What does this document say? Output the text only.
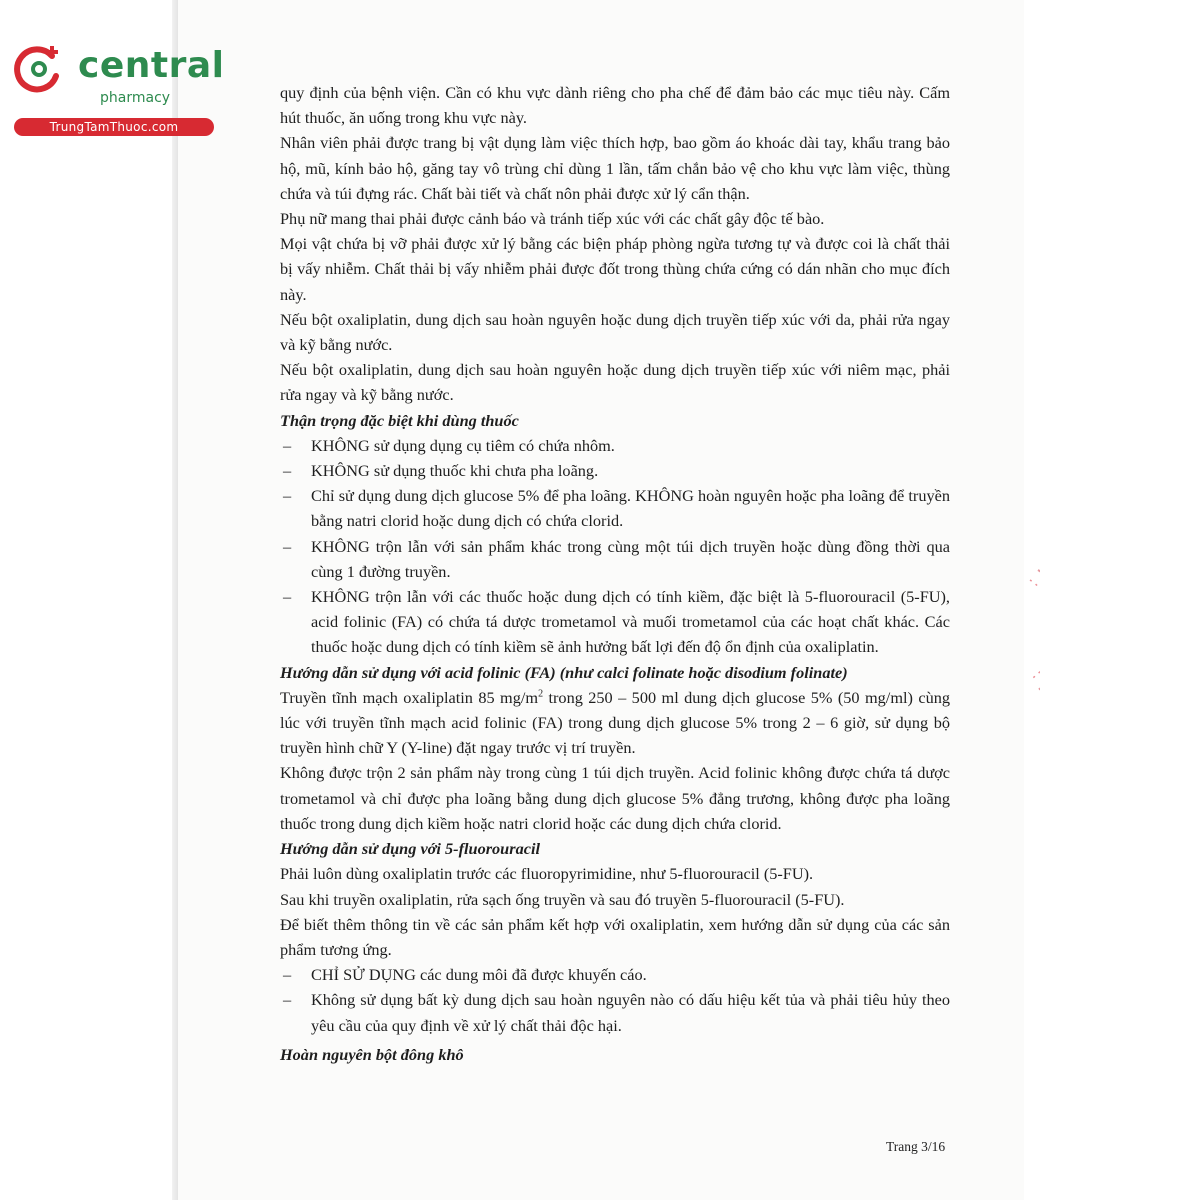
central
pharmacy
TrungTamThuoc.com

quy định của bệnh viện. Cần có khu vực dành riêng cho pha chế để đảm bảo các mục tiêu này. Cấm hút thuốc, ăn uống trong khu vực này.

Nhân viên phải được trang bị vật dụng làm việc thích hợp, bao gồm áo khoác dài tay, khẩu trang bảo hộ, mũ, kính bảo hộ, găng tay vô trùng chỉ dùng 1 lần, tấm chắn bảo vệ cho khu vực làm việc, thùng chứa và túi đựng rác. Chất bài tiết và chất nôn phải được xử lý cẩn thận.

Phụ nữ mang thai phải được cảnh báo và tránh tiếp xúc với các chất gây độc tế bào.

Mọi vật chứa bị vỡ phải được xử lý bằng các biện pháp phòng ngừa tương tự và được coi là chất thải bị vấy nhiễm. Chất thải bị vấy nhiễm phải được đốt trong thùng chứa cứng có dán nhãn cho mục đích này.

Nếu bột oxaliplatin, dung dịch sau hoàn nguyên hoặc dung dịch truyền tiếp xúc với da, phải rửa ngay và kỹ bằng nước.

Nếu bột oxaliplatin, dung dịch sau hoàn nguyên hoặc dung dịch truyền tiếp xúc với niêm mạc, phải rửa ngay và kỹ bằng nước.

Thận trọng đặc biệt khi dùng thuốc

–	KHÔNG sử dụng dụng cụ tiêm có chứa nhôm.
–	KHÔNG sử dụng thuốc khi chưa pha loãng.
–	Chỉ sử dụng dung dịch glucose 5% để pha loãng. KHÔNG hoàn nguyên hoặc pha loãng để truyền bằng natri clorid hoặc dung dịch có chứa clorid.
–	KHÔNG trộn lẫn với sản phẩm khác trong cùng một túi dịch truyền hoặc dùng đồng thời qua cùng 1 đường truyền.
–	KHÔNG trộn lẫn với các thuốc hoặc dung dịch có tính kiềm, đặc biệt là 5-fluorouracil (5-FU), acid folinic (FA) có chứa tá dược trometamol và muối trometamol của các hoạt chất khác. Các thuốc hoặc dung dịch có tính kiềm sẽ ảnh hưởng bất lợi đến độ ổn định của oxaliplatin.

Hướng dẫn sử dụng với acid folinic (FA) (như calci folinate hoặc disodium folinate)

Truyền tĩnh mạch oxaliplatin 85 $mg/m^2$ trong 250 – 500 ml dung dịch glucose 5% (50 mg/ml) cùng lúc với truyền tĩnh mạch acid folinic (FA) trong dung dịch glucose 5% trong 2 – 6 giờ, sử dụng bộ truyền hình chữ Y (Y-line) đặt ngay trước vị trí truyền.

Không được trộn 2 sản phẩm này trong cùng 1 túi dịch truyền. Acid folinic không được chứa tá dược trometamol và chỉ được pha loãng bằng dung dịch glucose 5% đẳng trương, không được pha loãng thuốc trong dung dịch kiềm hoặc natri clorid hoặc các dung dịch chứa clorid.

Hướng dẫn sử dụng với 5-fluorouracil

Phải luôn dùng oxaliplatin trước các fluoropyrimidine, như 5-fluorouracil (5-FU).

Sau khi truyền oxaliplatin, rửa sạch ống truyền và sau đó truyền 5-fluorouracil (5-FU).

Để biết thêm thông tin về các sản phẩm kết hợp với oxaliplatin, xem hướng dẫn sử dụng của các sản phẩm tương ứng.

–	CHỈ SỬ DỤNG các dung môi đã được khuyến cáo.
–	Không sử dụng bất kỳ dung dịch sau hoàn nguyên nào có dấu hiệu kết tủa và phải tiêu hủy theo yêu cầu của quy định về xử lý chất thải độc hại.

Hoàn nguyên bột đông khô

Trang 3/16
